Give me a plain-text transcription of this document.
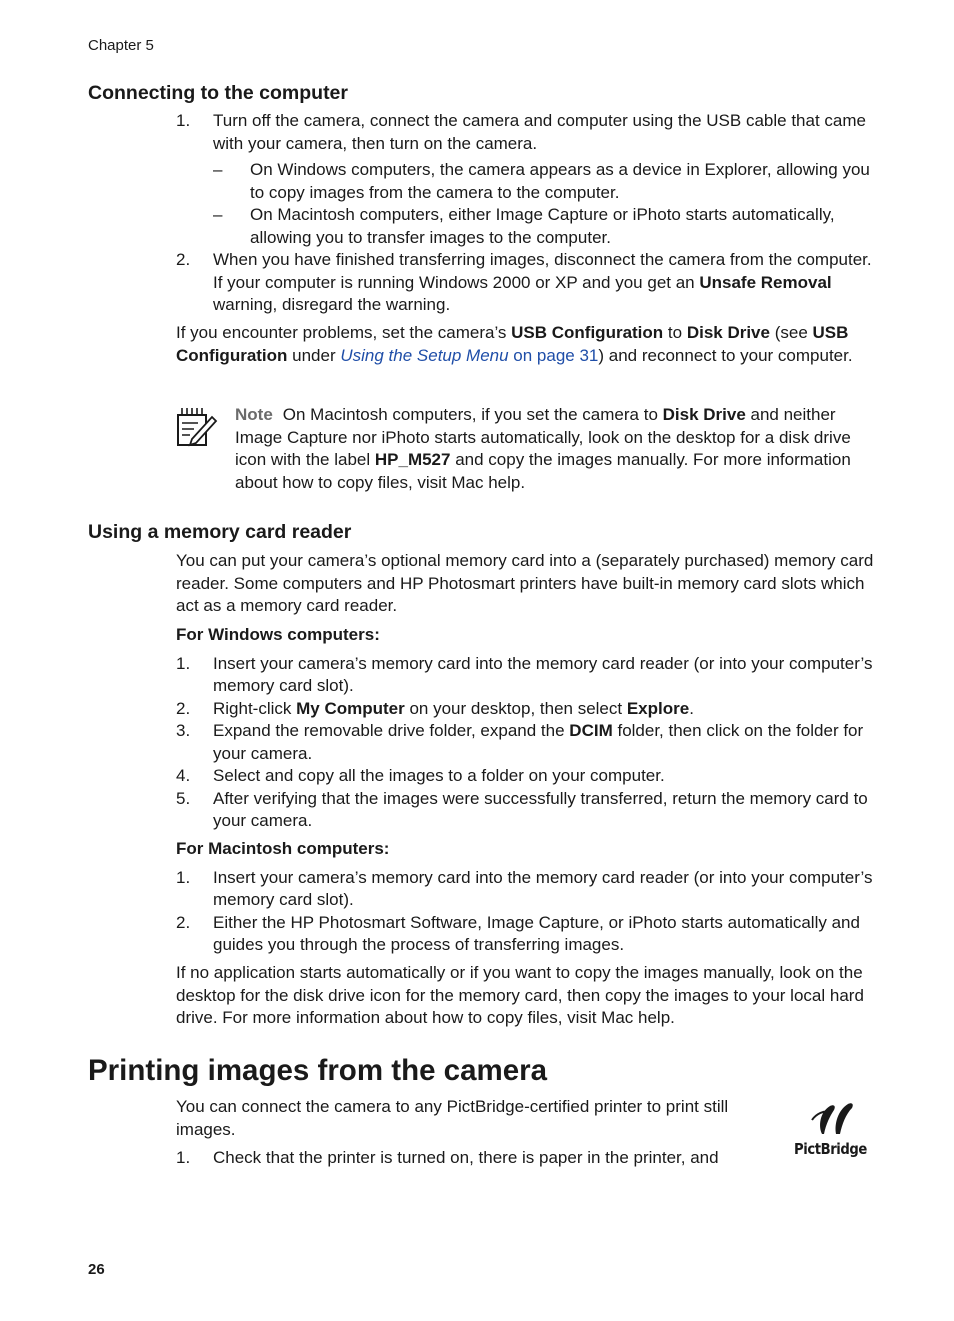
Chapter 5
Connecting to the computer
1. Turn off the camera, connect the camera and computer using the USB cable that came with your camera, then turn on the camera.
– On Windows computers, the camera appears as a device in Explorer, allowing you to copy images from the camera to the computer.
– On Macintosh computers, either Image Capture or iPhoto starts automatically, allowing you to transfer images to the computer.
2. When you have finished transferring images, disconnect the camera from the computer. If your computer is running Windows 2000 or XP and you get an Unsafe Removal warning, disregard the warning.

If you encounter problems, set the camera’s USB Configuration to Disk Drive (see USB Configuration under Using the Setup Menu on page 31) and reconnect to your computer.

Note On Macintosh computers, if you set the camera to Disk Drive and neither Image Capture nor iPhoto starts automatically, look on the desktop for a disk drive icon with the label HP_M527 and copy the images manually. For more information about how to copy files, visit Mac help.

Using a memory card reader

You can put your camera’s optional memory card into a (separately purchased) memory card reader. Some computers and HP Photosmart printers have built-in memory card slots which act as a memory card reader.

For Windows computers:

1. Insert your camera’s memory card into the memory card reader (or into your computer’s memory card slot).
2. Right-click My Computer on your desktop, then select Explore.
3. Expand the removable drive folder, expand the DCIM folder, then click on the folder for your camera.
4. Select and copy all the images to a folder on your computer.
5. After verifying that the images were successfully transferred, return the memory card to your camera.

For Macintosh computers:

1. Insert your camera’s memory card into the memory card reader (or into your computer’s memory card slot).
2. Either the HP Photosmart Software, Image Capture, or iPhoto starts automatically and guides you through the process of transferring images.

If no application starts automatically or if you want to copy the images manually, look on the desktop for the disk drive icon for the memory card, then copy the images to your local hard drive. For more information about how to copy files, visit Mac help.

Printing images from the camera

You can connect the camera to any PictBridge-certified printer to print still images.

1. Check that the printer is turned on, there is paper in the printer, and	PictBridge
26
